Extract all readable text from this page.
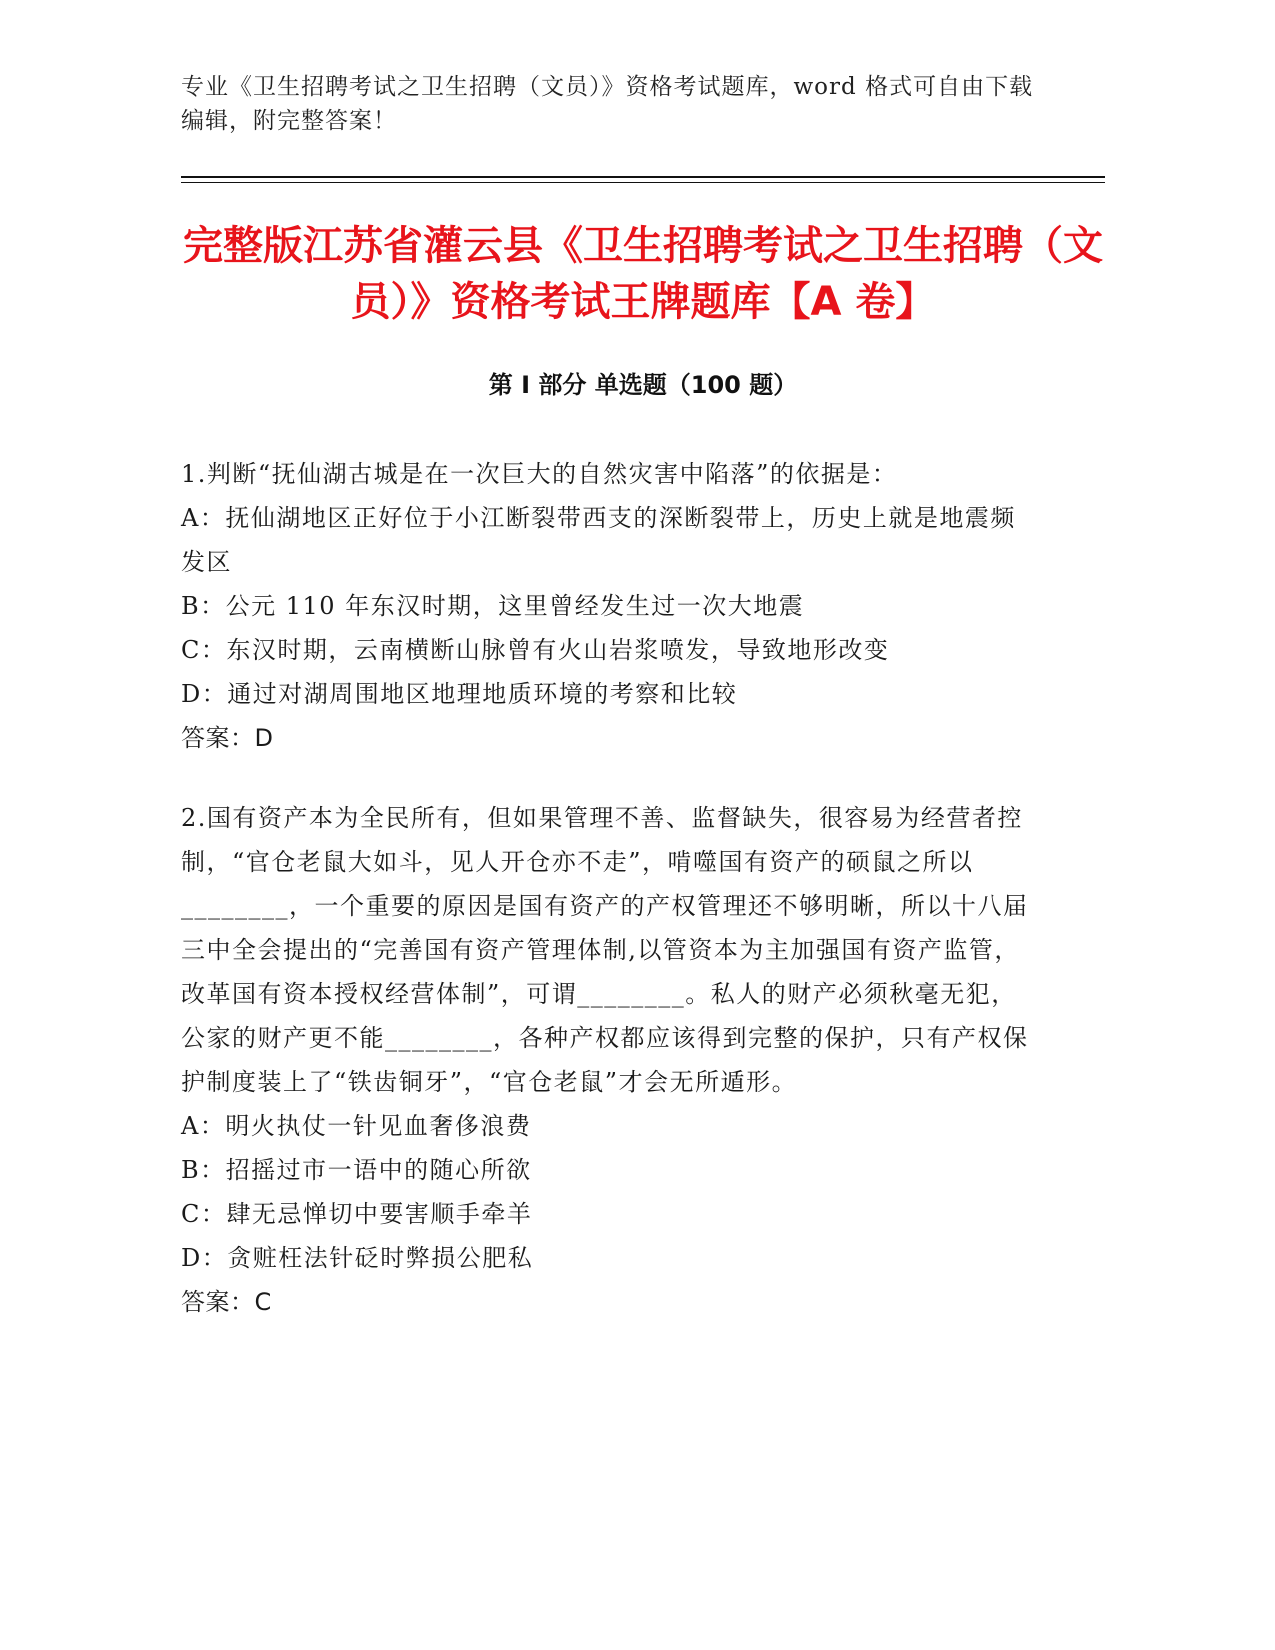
专业《卫生招聘考试之卫生招聘（文员）》资格考试题库，word 格式可自由下载编辑，附完整答案！
完整版江苏省灌云县《卫生招聘考试之卫生招聘（文员）》资格考试王牌题库【A 卷】
第 I 部分 单选题（100 题）

1.判断“抚仙湖古城是在一次巨大的自然灾害中陷落”的依据是：

A：抚仙湖地区正好位于小江断裂带西支的深断裂带上，历史上就是地震频发区

B：公元 110 年东汉时期，这里曾经发生过一次大地震

C：东汉时期，云南横断山脉曾有火山岩浆喷发，导致地形改变

D：通过对湖周围地区地理地质环境的考察和比较

答案：D

2.国有资产本为全民所有，但如果管理不善、监督缺失，很容易为经营者控制，“官仓老鼠大如斗，见人开仓亦不走”，啃噬国有资产的硕鼠之所以________，一个重要的原因是国有资产的产权管理还不够明晰，所以十八届三中全会提出的“完善国有资产管理体制,以管资本为主加强国有资产监管，改革国有资本授权经营体制”，可谓________。私人的财产必须秋毫无犯，公家的财产更不能________，各种产权都应该得到完整的保护，只有产权保护制度装上了“铁齿铜牙”，“官仓老鼠”才会无所遁形。

A：明火执仗一针见血奢侈浪费

B：招摇过市一语中的随心所欲

C：肆无忌惮切中要害顺手牵羊

D：贪赃枉法针砭时弊损公肥私

答案：C
